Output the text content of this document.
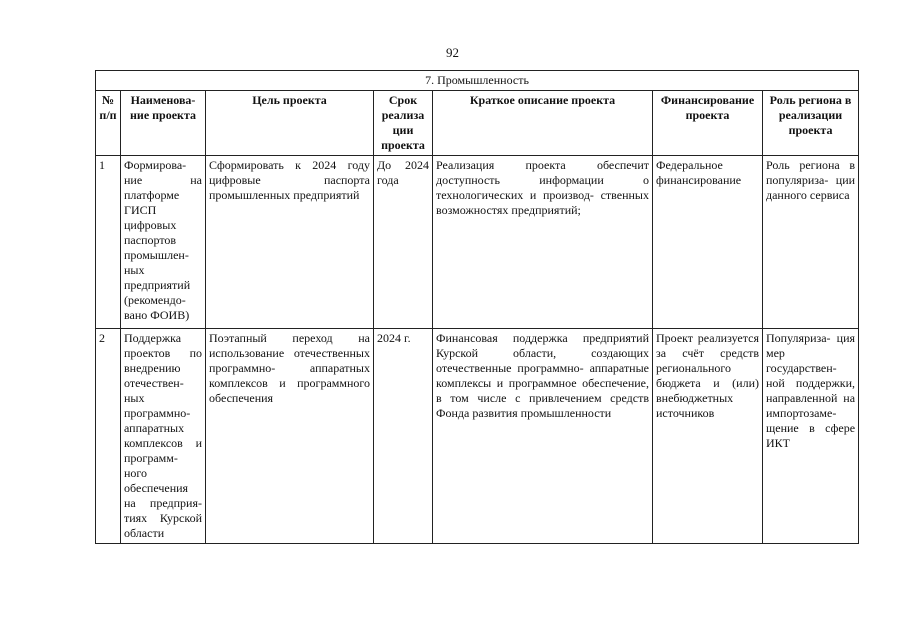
92
7. Промышленность						
№ п/п	Наименова- ние проекта	Цель проекта	Срок реализа ции проекта	Краткое описание проекта	Финансирование проекта	Роль региона в реализации проекта
1	Формирова- ние на платформе ГИСП цифровых паспортов промышлен- ных предприятий (рекомендо- вано ФОИВ)	Сформировать к 2024 году цифровые паспорта промышленных предприятий	До 2024 года	Реализация проекта обеспечит доступность информации о технологических и производ- ственных возможностях предприятий;	Федеральное финансирование	Роль региона в популяриза- ции данного сервиса
2	Поддержка проектов по внедрению отечествен- ных программно- аппаратных комплексов и программ- ного обеспечения на предприя- тиях Курской области	Поэтапный переход на использование отечественных программно- аппаратных комплексов и программного обеспечения	2024 г.	Финансовая поддержка предприятий Курской области, создающих отечественные программно- аппаратные комплексы и программное обеспечение, в том числе с привлечением средств Фонда развития промышленности	Проект реализуется за счёт средств регионального бюджета и (или) внебюджетных источников	Популяриза- ция мер государствен- ной поддержки, направленной на импортозаме- щение в сфере ИКТ
